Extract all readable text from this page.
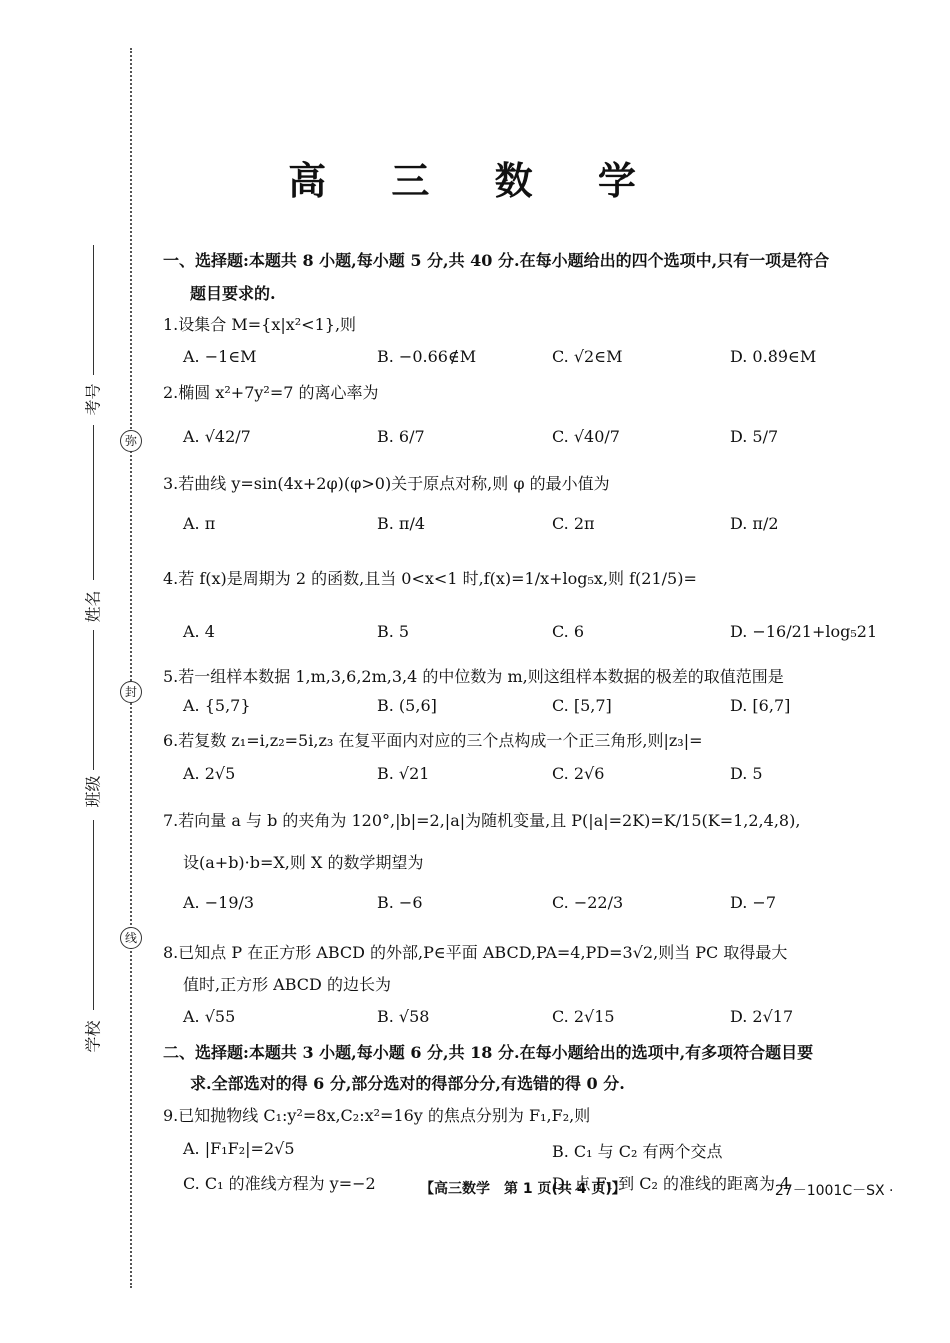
弥
封
线
考号
姓名
班级
学校
高 三 数 学
一、选择题:本题共 8 小题,每小题 5 分,共 40 分.在每小题给出的四个选项中,只有一项是符合
题目要求的.
1.设集合 M={x|x²<1},则
A. −1∈M	B. −0.66∉M	C. √2∈M	D. 0.8̇9̇∈M
2.椭圆 x²+7y²=7 的离心率为
A. √42/7	B. 6/7	C. √40/7	D. 5/7
3.若曲线 y=sin(4x+2φ)(φ>0)关于原点对称,则 φ 的最小值为
A. π	B. π/4	C. 2π	D. π/2
4.若 f(x)是周期为 2 的函数,且当 0<x<1 时,f(x)=1/x+log₅x,则 f(21/5)=
A. 4	B. 5	C. 6	D. −16/21+log₅21
5.若一组样本数据 1,m,3,6,2m,3,4 的中位数为 m,则这组样本数据的极差的取值范围是
A. {5,7}	B. (5,6]	C. [5,7]	D. [6,7]
6.若复数 z₁=i,z₂=5i,z₃ 在复平面内对应的三个点构成一个正三角形,则|z₃|=
A. 2√5	B. √21	C. 2√6	D. 5
7.若向量 a 与 b 的夹角为 120°,|b|=2,|a|为随机变量,且 P(|a|=2K)=K/15(K=1,2,4,8),
设(a+b)·b=X,则 X 的数学期望为
A. −19/3	B. −6	C. −22/3	D. −7
8.已知点 P 在正方形 ABCD 的外部,P∈平面 ABCD,PA=4,PD=3√2,则当 PC 取得最大
值时,正方形 ABCD 的边长为
A. √55	B. √58	C. 2√15	D. 2√17
二、选择题:本题共 3 小题,每小题 6 分,共 18 分.在每小题给出的选项中,有多项符合题目要
求.全部选对的得 6 分,部分选对的得部分分,有选错的得 0 分.
9.已知抛物线 C₁:y²=8x,C₂:x²=16y 的焦点分别为 F₁,F₂,则
A. |F₁F₂|=2√5	B. C₁ 与 C₂ 有两个交点
C. C₁ 的准线方程为 y=−2	D. 点 F₁ 到 C₂ 的准线的距离为 4
【高三数学　第 1 页(共 4 页)】	· 27－1001C－SX ·
